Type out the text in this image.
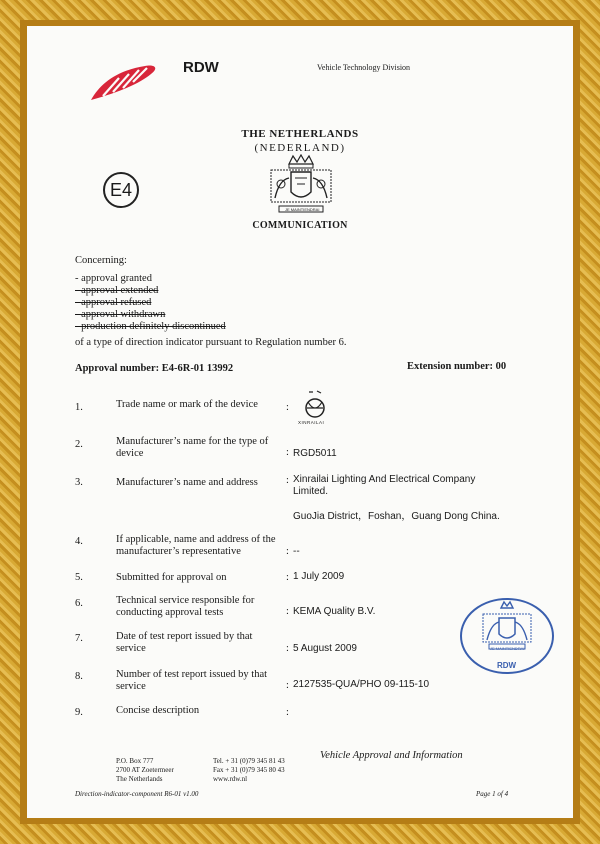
RDW	Vehicle Technology Division
THE NETHERLANDS
(NEDERLAND)
E4
JE MAINTIENDRAI
COMMUNICATION
Concerning:
- approval granted
- approval extended
- approval refused
- approval withdrawn
- production definitely discontinued
of a type of direction indicator pursuant to Regulation number 6.
Approval number: E4-6R-01 13992	Extension number: 00
1.	Trade name or mark of the device	:
XINRAILAI
2.	Manufacturer’s name for the type of device	: RGD5011
3.	Manufacturer’s name and address	: Xinrailai Lighting And Electrical Company Limited.
GuoJia District，Foshan，Guang Dong China.
4.	If applicable, name and address of the manufacturer’s representative	: --
5.	Submitted for approval on	: 1 July 2009
6.	Technical service responsible for conducting approval tests	: KEMA Quality B.V.
7.	Date of test report issued by that service	: 5 August 2009
8.	Number of test report issued by that service	: 2127535-QUA/PHO 09-115-10
9.	Concise description	:
RDW
JE MAINTIENDRAI
P.O. Box 777
2700 AT Zoetermeer
The Netherlands
Tel. + 31 (0)79 345 81 43
Fax + 31 (0)79 345 80 43
www.rdw.nl
Vehicle Approval and Information
Direction-indicator-component R6-01 v1.00	Page 1 of 4
